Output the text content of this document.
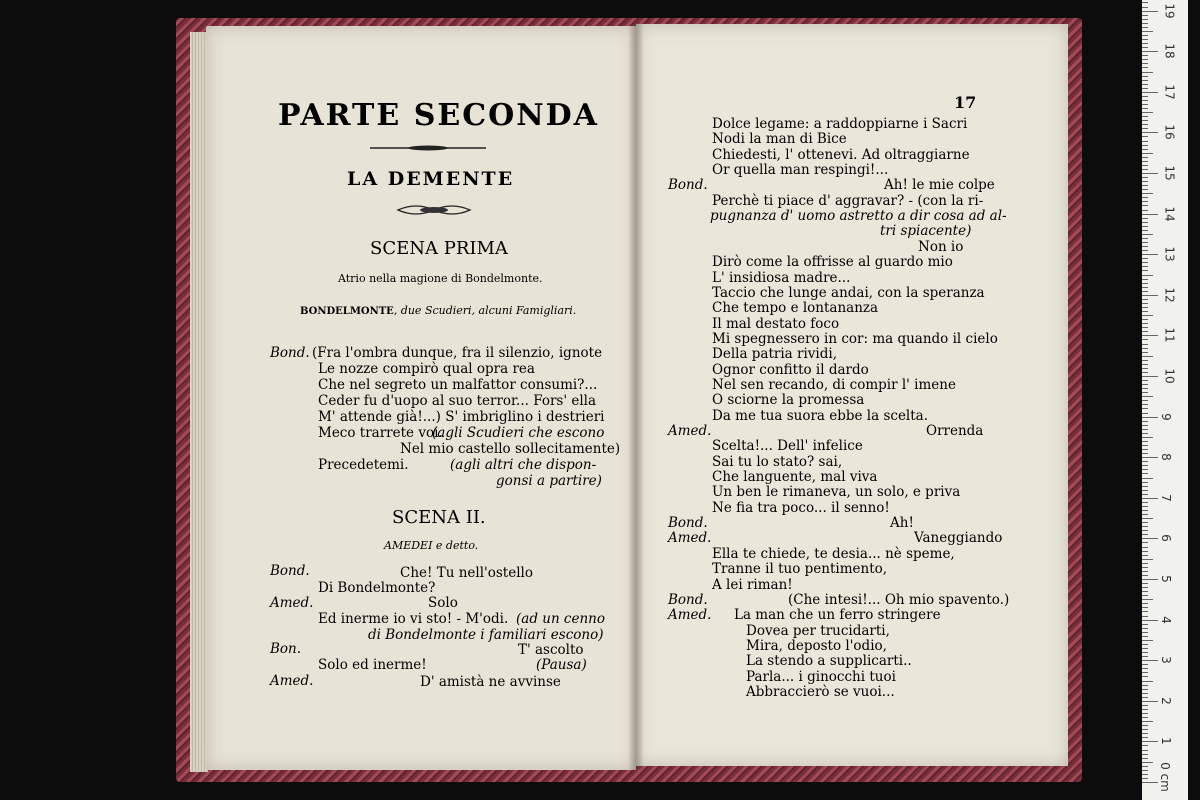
PARTE SECONDA
LA DEMENTE
SCENA PRIMA
Atrio nella magione di Bondelmonte.
BONDELMONTE, due Scudieri, alcuni Famigliari.
Bond. (Fra l'ombra dunque, fra il silenzio, ignote
Le nozze compirò qual opra rea
Che nel segreto un malfattor consumi?...
Ceder fu d'uopo al suo terror... Fors' ella
M' attende già!...) S' imbriglino i destrieri
Meco trarrete voi.
(agli Scudieri che escono
Nel mio castello sollecitamente)
Precedetemi.	(agli altri che dispon-
gonsi a partire)
SCENA II.
AMEDEI e detto.
Bond.	Che! Tu nell'ostello
Di Bondelmonte?
Amed.	Solo
Ed inerme io vi sto! - M'odi. (ad un cenno
di Bondelmonte i familiari escono)
Bon.	T' ascolto
Solo ed inerme!	(Pausa)
Amed.	D' amistà ne avvinse
17
Dolce legame: a raddoppiarne i Sacri
Nodi la man di Bice
Chiedesti, l' ottenevi. Ad oltraggiarne
Or quella man respingi!...
Bond.	Ah! le mie colpe
Perchè ti piace d' aggravar? - (con la ri-
pugnanza d' uomo astretto a dir cosa ad al-
tri spiacente)
Non io
Dirò come la offrisse al guardo mio
L' insidiosa madre...
Taccio che lunge andai, con la speranza
Che tempo e lontananza
Il mal destato foco
Mi spegnessero in cor: ma quando il cielo
Della patria rividi,
Ognor confitto il dardo
Nel sen recando, di compir l' imene
O sciorne la promessa
Da me tua suora ebbe la scelta.
Amed.	Orrenda
Scelta!... Dell' infelice
Sai tu lo stato? sai,
Che languente, mal viva
Un ben le rimaneva, un solo, e priva
Ne fia tra poco... il senno!
Bond.	Ah!
Amed.	Vaneggiando
Ella te chiede, te desia... nè speme,
Tranne il tuo pentimento,
A lei riman!
Bond.	(Che intesi!... Oh mio spavento.)
Amed. La man che un ferro stringere
Dovea per trucidarti,
Mira, deposto l'odio,
La stendo a supplicarti..
Parla... i ginocchi tuoi
Abbraccierò se vuoi...
1
2
3
4
5
6
7
8
9
10
11
12
13
14
15
16
17
18
19
0 cm
